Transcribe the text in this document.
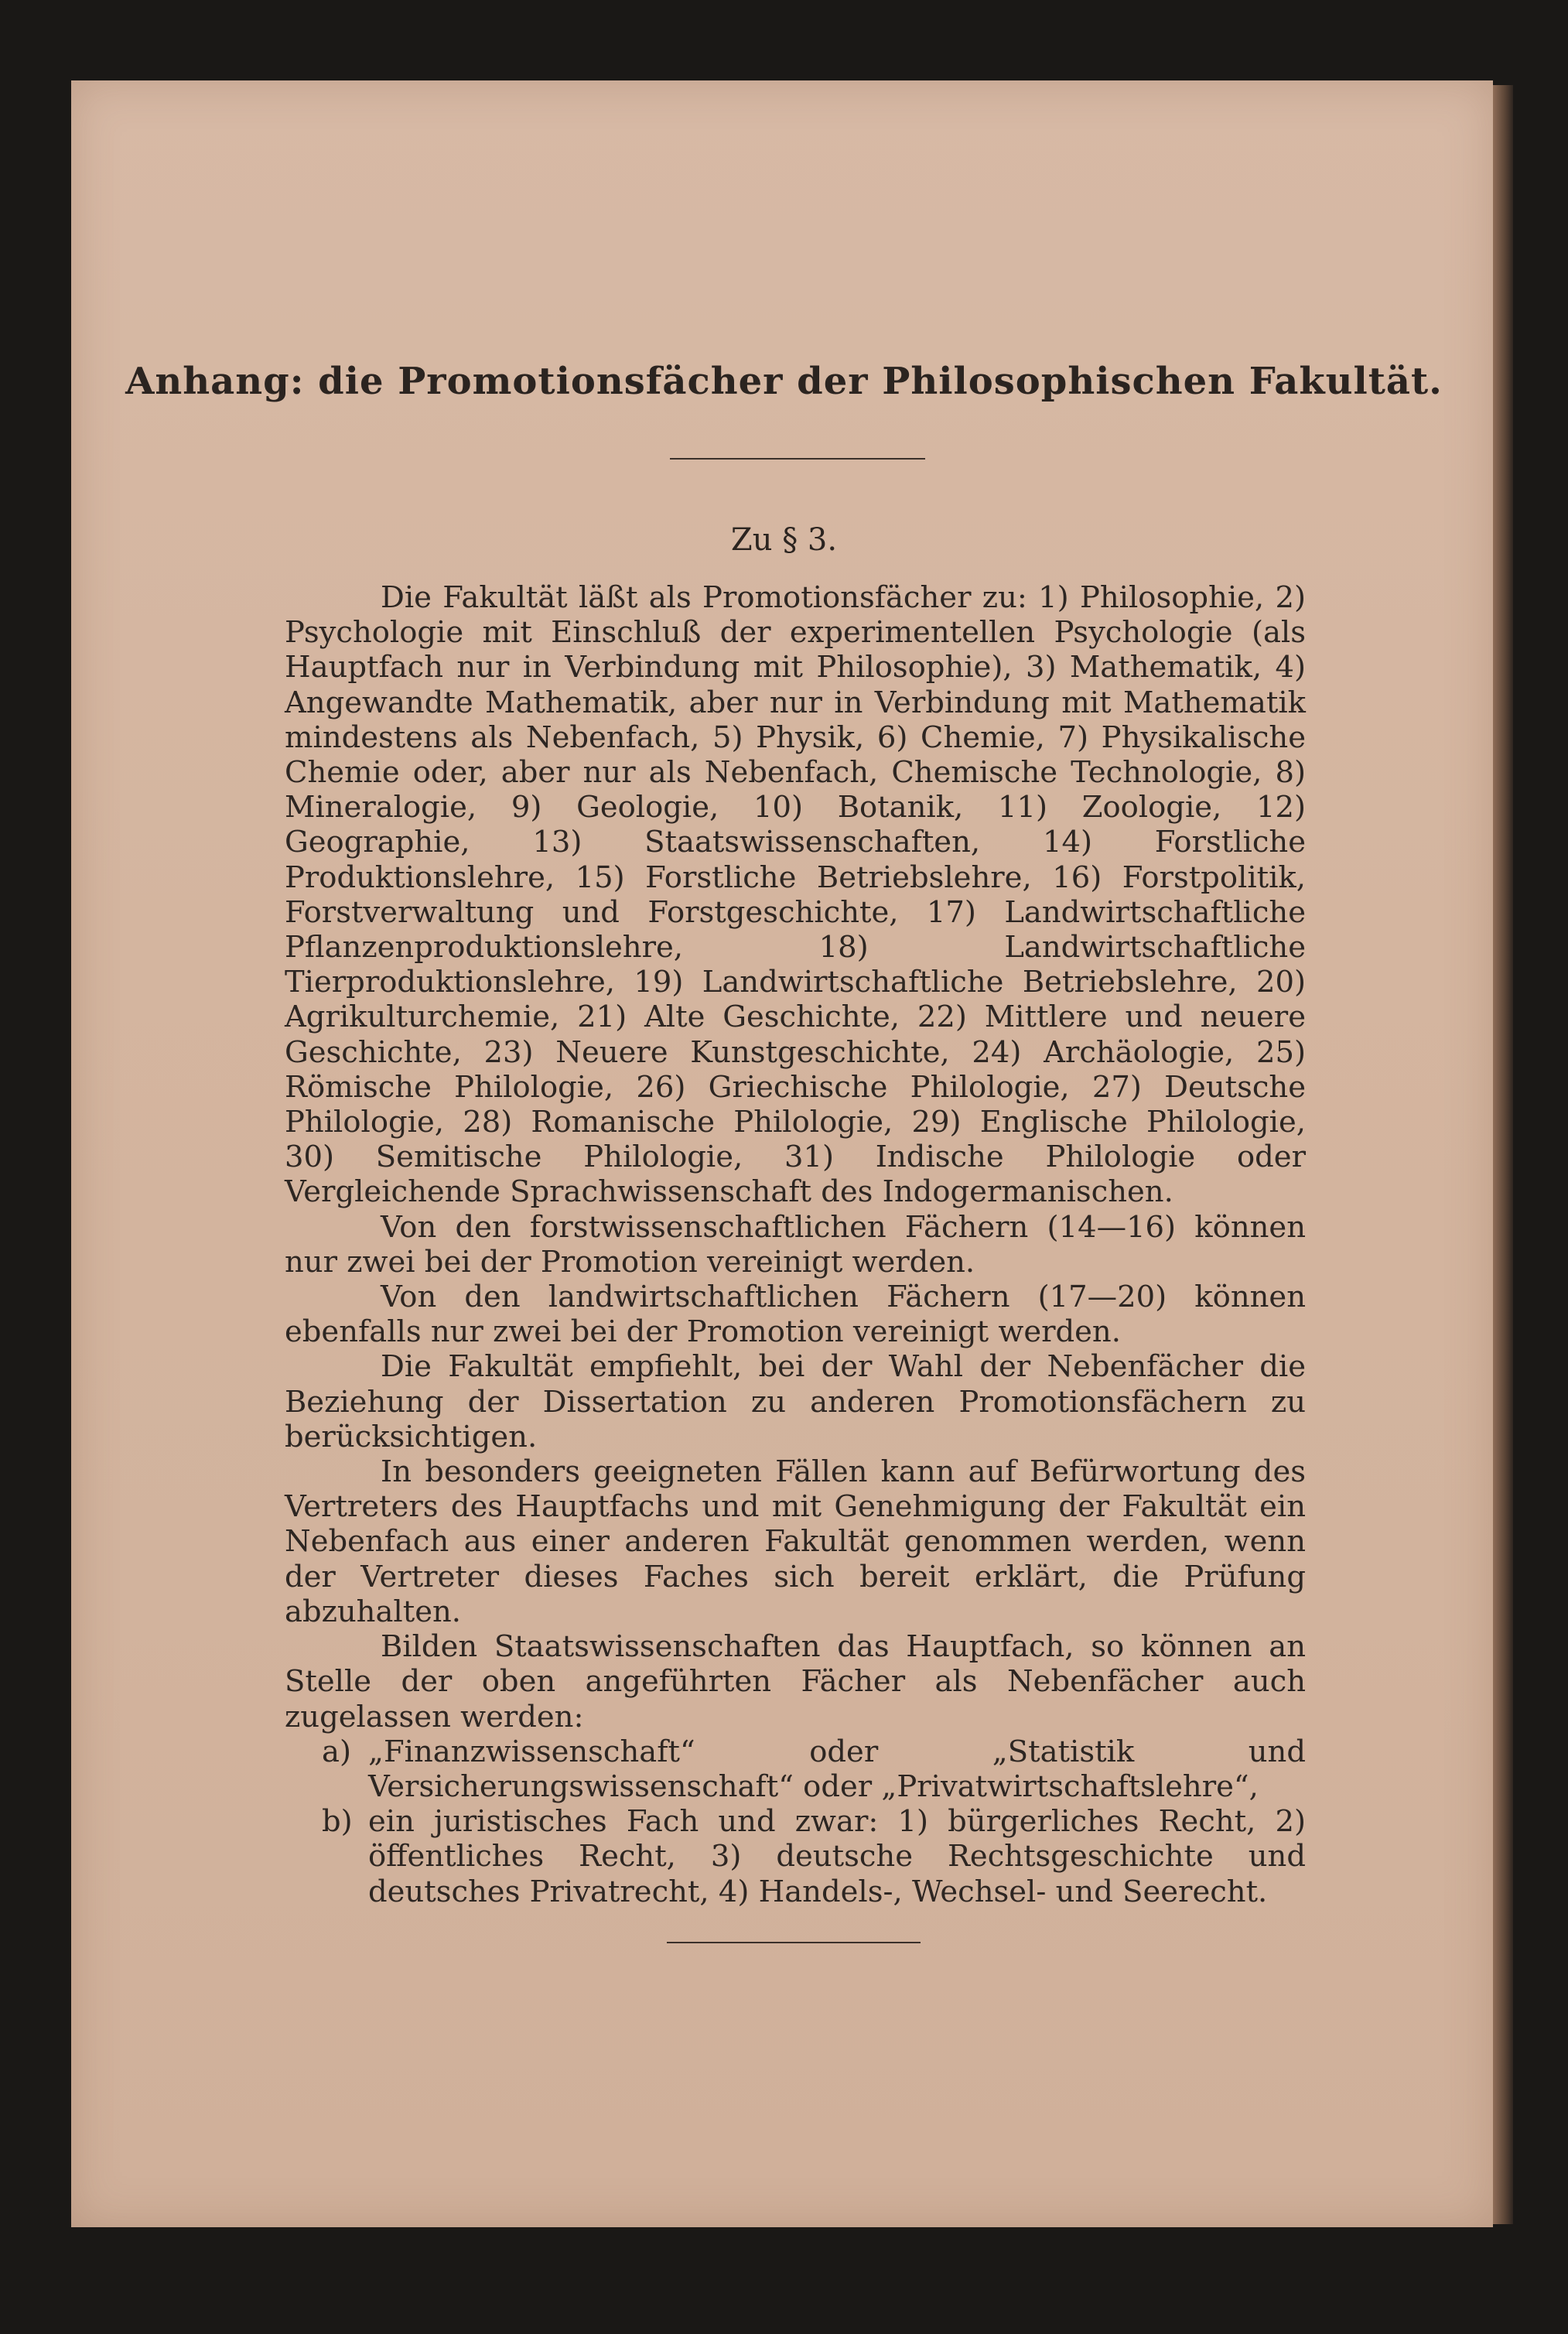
Anhang: die Promotionsfächer der Philosophischen Fakultät.
Zu § 3.

Die Fakultät läßt als Promotionsfächer zu: 1) Philosophie, 2) Psychologie mit Einschluß der experimentellen Psychologie (als Hauptfach nur in Verbindung mit Philosophie), 3) Mathematik, 4) Angewandte Mathematik, aber nur in Verbindung mit Mathematik mindestens als Nebenfach, 5) Physik, 6) Chemie, 7) Physikalische Chemie oder, aber nur als Nebenfach, Chemische Technologie, 8) Mineralogie, 9) Geologie, 10) Botanik, 11) Zoologie, 12) Geographie, 13) Staatswissenschaften, 14) Forstliche Produktionslehre, 15) Forstliche Betriebslehre, 16) Forstpolitik, Forstverwaltung und Forstgeschichte, 17) Landwirtschaftliche Pflanzenproduktionslehre, 18) Landwirtschaftliche Tierproduktionslehre, 19) Landwirtschaftliche Betriebslehre, 20) Agrikulturchemie, 21) Alte Geschichte, 22) Mittlere und neuere Geschichte, 23) Neuere Kunstgeschichte, 24) Archäologie, 25) Römische Philologie, 26) Griechische Philologie, 27) Deutsche Philologie, 28) Romanische Philologie, 29) Englische Philologie, 30) Semitische Philologie, 31) Indische Philologie oder Vergleichende Sprachwissenschaft des Indogermanischen.

Von den forstwissenschaftlichen Fächern (14—16) können nur zwei bei der Promotion vereinigt werden.

Von den landwirtschaftlichen Fächern (17—20) können ebenfalls nur zwei bei der Promotion vereinigt werden.

Die Fakultät empfiehlt, bei der Wahl der Nebenfächer die Beziehung der Dissertation zu anderen Promotionsfächern zu berücksichtigen.

In besonders geeigneten Fällen kann auf Befürwortung des Vertreters des Hauptfachs und mit Genehmigung der Fakultät ein Nebenfach aus einer anderen Fakultät genommen werden, wenn der Vertreter dieses Faches sich bereit erklärt, die Prüfung abzuhalten.

Bilden Staatswissenschaften das Hauptfach, so können an Stelle der oben angeführten Fächer als Nebenfächer auch zugelassen werden:

a) „Finanzwissenschaft“ oder „Statistik und Versicherungswissenschaft“ oder „Privatwirtschaftslehre“,
b) ein juristisches Fach und zwar: 1) bürgerliches Recht, 2) öffentliches Recht, 3) deutsche Rechtsgeschichte und deutsches Privatrecht, 4) Handels-, Wechsel- und Seerecht.
